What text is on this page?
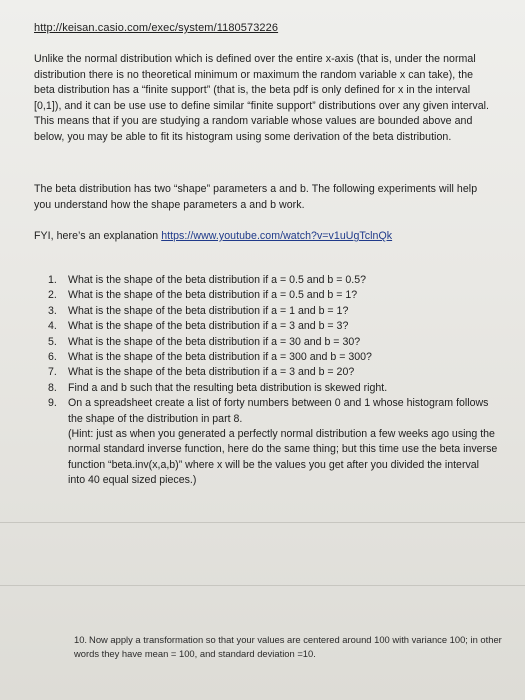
http://keisan.casio.com/exec/system/1180573226

Unlike the normal distribution which is defined over the entire x-axis (that is, under the normal distribution there is no theoretical minimum or maximum the random variable x can take), the beta distribution has a “finite support” (that is, the beta pdf is only defined for x in the interval [0,1]), and it can be use use to define similar “finite support” distributions over any given interval. This means that if you are studying a random variable whose values are bounded above and below, you may be able to fit its histogram using some derivation of the beta distribution.

The beta distribution has two “shape” parameters a and b. The following experiments will help you understand how the shape parameters a and b work.

FYI, here’s an explanation https://www.youtube.com/watch?v=v1uUgTclnQk

1. What is the shape of the beta distribution if a = 0.5 and b = 0.5?
2. What is the shape of the beta distribution if a = 0.5 and b = 1?
3. What is the shape of the beta distribution if a = 1 and b = 1?
4. What is the shape of the beta distribution if a = 3 and b = 3?
5. What is the shape of the beta distribution if a = 30 and b = 30?
6. What is the shape of the beta distribution if a = 300 and b = 300?
7. What is the shape of the beta distribution if a = 3 and b = 20?
8. Find a and b such that the resulting beta distribution is skewed right.
9. On a spreadsheet create a list of forty numbers between 0 and 1 whose histogram follows the shape of the distribution in part 8.
(Hint: just as when you generated a perfectly normal distribution a few weeks ago using the normal standard inverse function, here do the same thing; but this time use the beta inverse function “beta.inv(x,a,b)” where x will be the values you get after you divided the interval into 40 equal sized pieces.)

10. Now apply a transformation so that your values are centered around 100 with variance 100; in other words they have mean = 100, and standard deviation =10.
